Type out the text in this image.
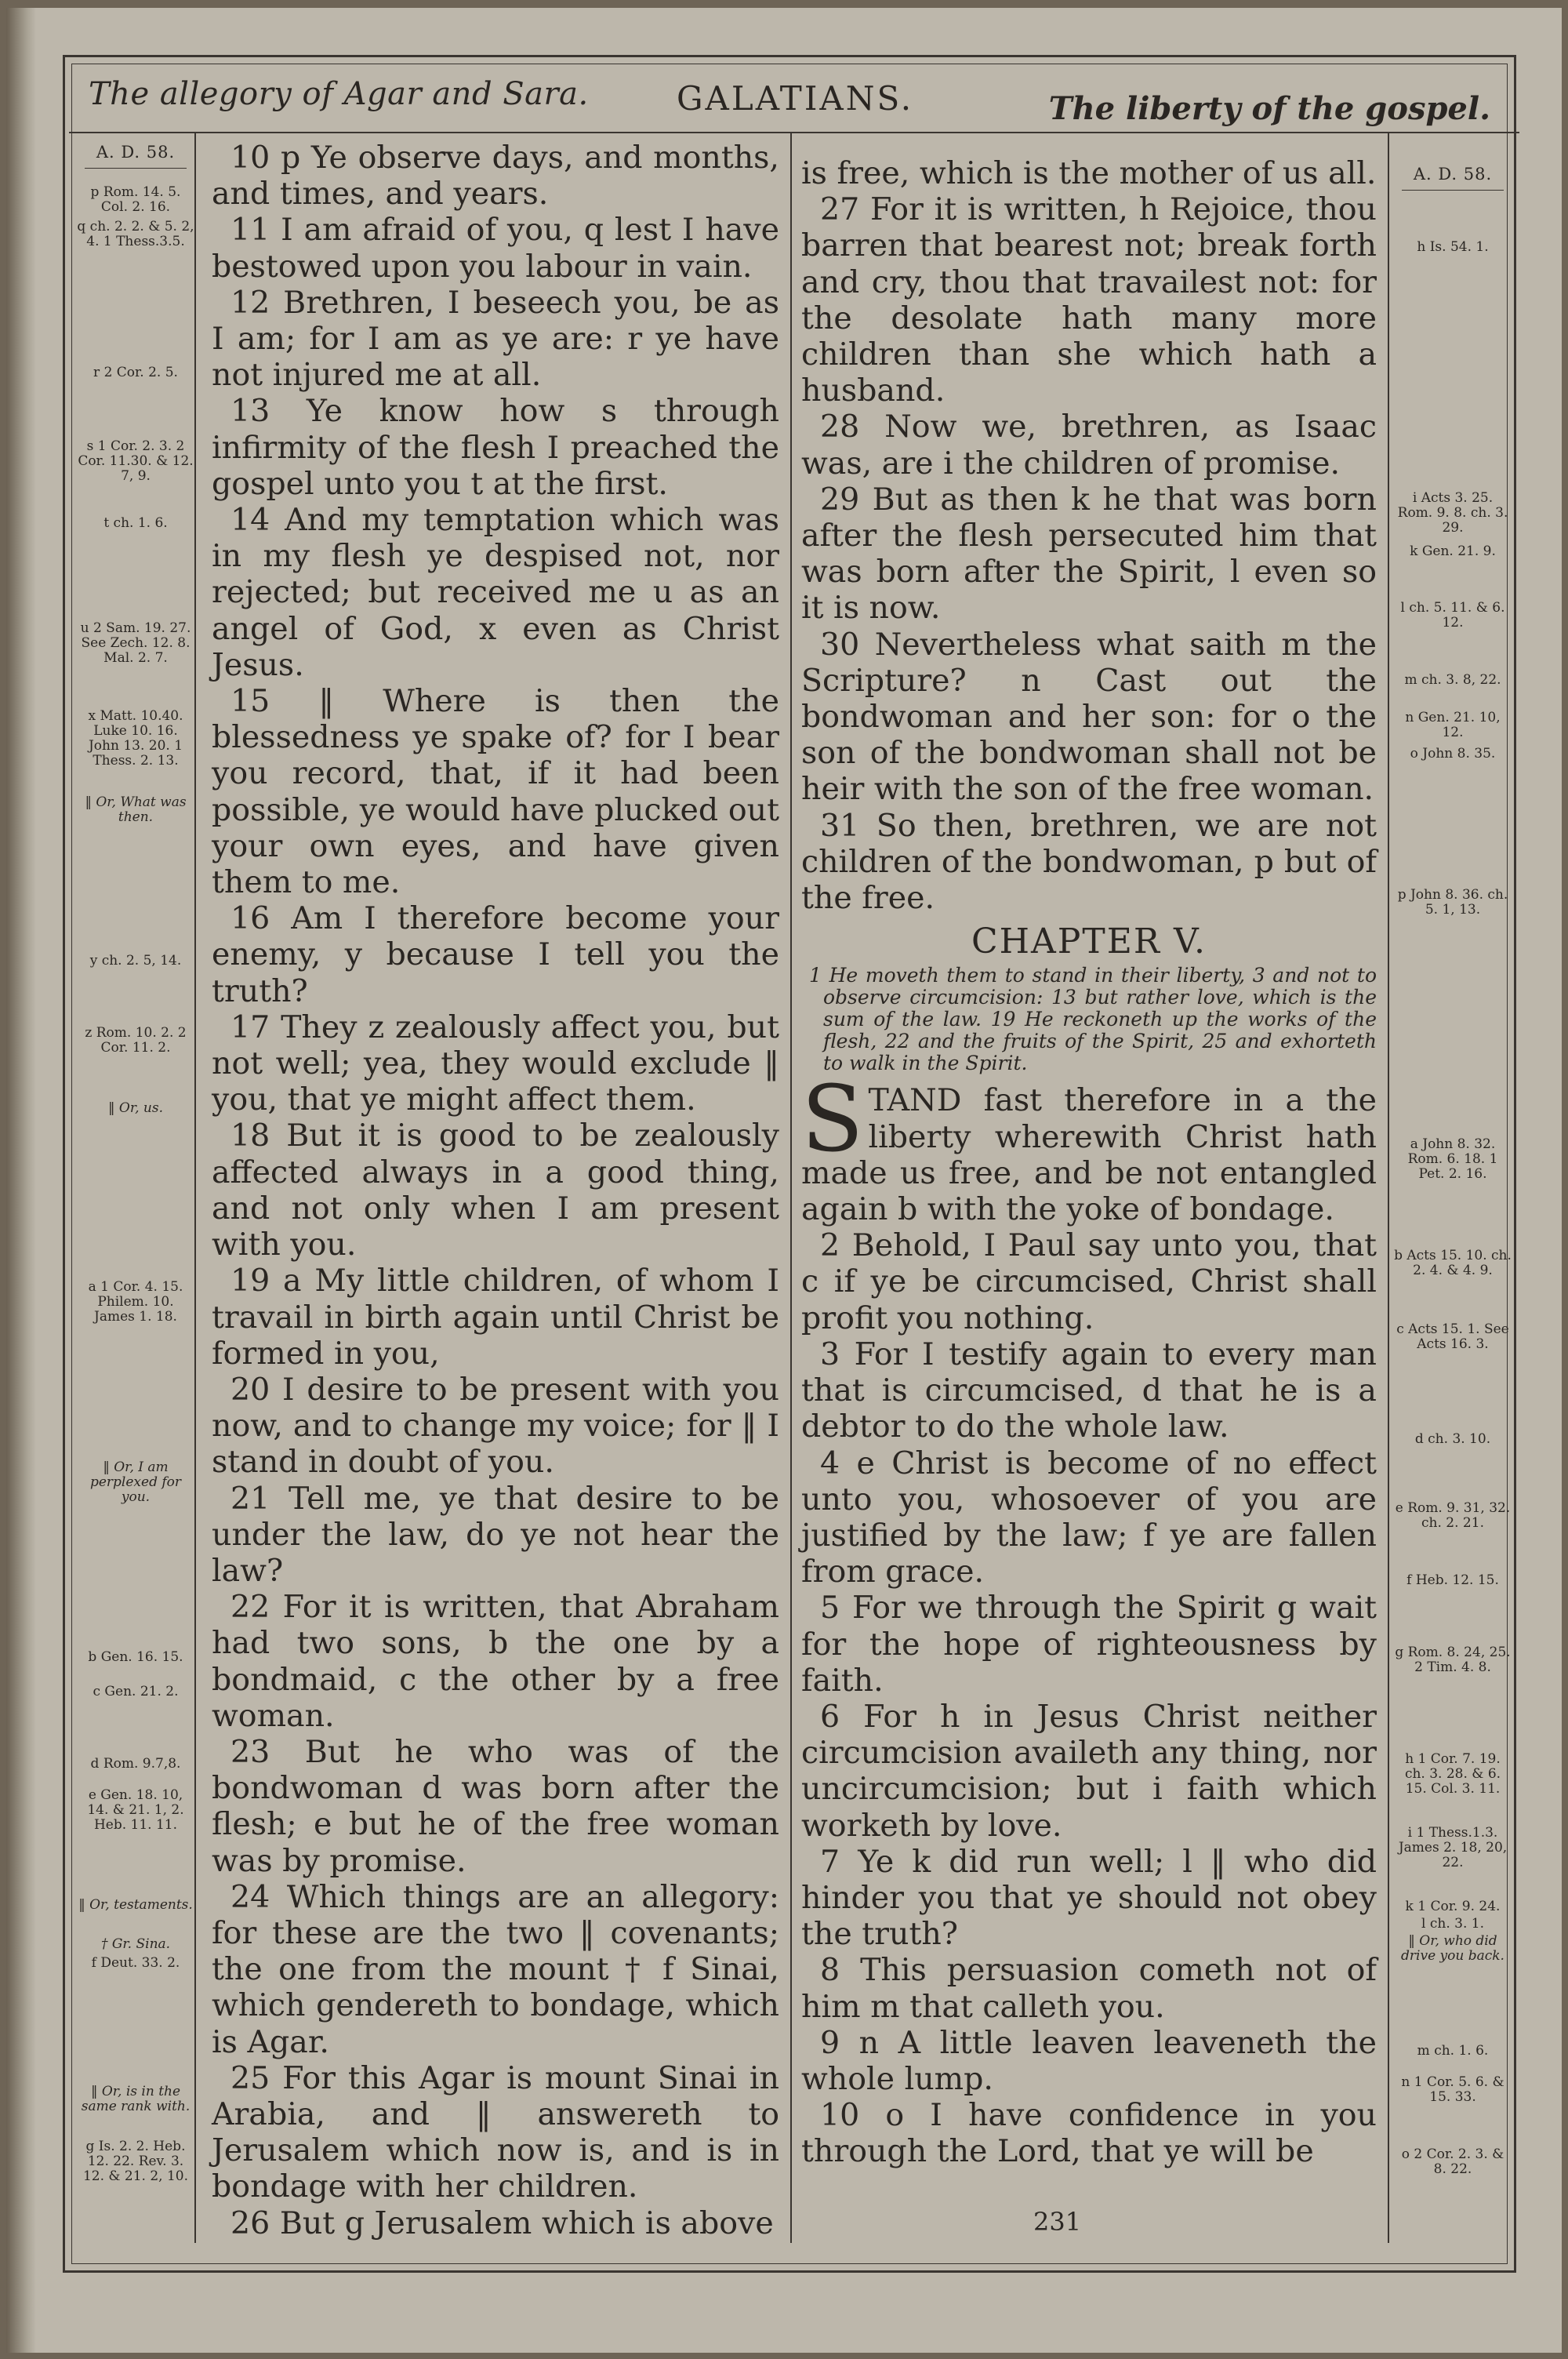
The allegory of Agar and Sara.	GALATIANS.	The liberty of the gospel.
A. D. 58.
A. D. 58.
p Rom. 14. 5. Col. 2. 16.
q ch. 2. 2. & 5. 2, 4. 1 Thess.3.5.
r 2 Cor. 2. 5.
s 1 Cor. 2. 3. 2 Cor. 11.30. & 12. 7, 9.
t ch. 1. 6.
u 2 Sam. 19. 27. See Zech. 12. 8. Mal. 2. 7.
x Matt. 10.40. Luke 10. 16. John 13. 20. 1 Thess. 2. 13.
‖ Or, What was then.
y ch. 2. 5, 14.
z Rom. 10. 2. 2 Cor. 11. 2.
‖ Or, us.
a 1 Cor. 4. 15. Philem. 10. James 1. 18.
‖ Or, I am perplexed for you.
b Gen. 16. 15.
c Gen. 21. 2.
d Rom. 9.7,8.
e Gen. 18. 10, 14. & 21. 1, 2. Heb. 11. 11.
‖ Or, testaments.
† Gr. Sina.
f Deut. 33. 2.
‖ Or, is in the same rank with.
g Is. 2. 2. Heb. 12. 22. Rev. 3. 12. & 21. 2, 10.
h Is. 54. 1.
i Acts 3. 25. Rom. 9. 8. ch. 3. 29.
k Gen. 21. 9.
l ch. 5. 11. & 6. 12.
m ch. 3. 8, 22.
n Gen. 21. 10, 12.
o John 8. 35.
p John 8. 36. ch. 5. 1, 13.
a John 8. 32. Rom. 6. 18. 1 Pet. 2. 16.
b Acts 15. 10. ch. 2. 4. & 4. 9.
c Acts 15. 1. See Acts 16. 3.
d ch. 3. 10.
e Rom. 9. 31, 32. ch. 2. 21.
f Heb. 12. 15.
g Rom. 8. 24, 25. 2 Tim. 4. 8.
h 1 Cor. 7. 19. ch. 3. 28. & 6. 15. Col. 3. 11.
i 1 Thess.1.3. James 2. 18, 20, 22.
k 1 Cor. 9. 24.
l ch. 3. 1.
‖ Or, who did drive you back.
m ch. 1. 6.
n 1 Cor. 5. 6. & 15. 33.
o 2 Cor. 2. 3. & 8. 22.

10 p Ye observe days, and months, and times, and years.

11 I am afraid of you, q lest I have bestowed upon you labour in vain.

12 Brethren, I beseech you, be as I am; for I am as ye are: r ye have not injured me at all.

13 Ye know how s through infirmity of the flesh I preached the gospel unto you t at the first.

14 And my temptation which was in my flesh ye despised not, nor rejected; but received me u as an angel of God, x even as Christ Jesus.

15 ‖ Where is then the blessedness ye spake of? for I bear you record, that, if it had been possible, ye would have plucked out your own eyes, and have given them to me.

16 Am I therefore become your enemy, y because I tell you the truth?

17 They z zealously affect you, but not well; yea, they would exclude ‖ you, that ye might affect them.

18 But it is good to be zealously affected always in a good thing, and not only when I am present with you.

19 a My little children, of whom I travail in birth again until Christ be formed in you,

20 I desire to be present with you now, and to change my voice; for ‖ I stand in doubt of you.

21 Tell me, ye that desire to be under the law, do ye not hear the law?

22 For it is written, that Abraham had two sons, b the one by a bondmaid, c the other by a free woman.

23 But he who was of the bondwoman d was born after the flesh; e but he of the free woman was by promise.

24 Which things are an allegory: for these are the two ‖ covenants; the one from the mount † f Sinai, which gendereth to bondage, which is Agar.

25 For this Agar is mount Sinai in Arabia, and ‖ answereth to Jerusalem which now is, and is in bondage with her children.

26 But g Jerusalem which is above

is free, which is the mother of us all.

27 For it is written, h Rejoice, thou barren that bearest not; break forth and cry, thou that travailest not: for the desolate hath many more children than she which hath a husband.

28 Now we, brethren, as Isaac was, are i the children of promise.

29 But as then k he that was born after the flesh persecuted him that was born after the Spirit, l even so it is now.

30 Nevertheless what saith m the Scripture? n Cast out the bondwoman and her son: for o the son of the bondwoman shall not be heir with the son of the free woman.

31 So then, brethren, we are not children of the bondwoman, p but of the free.

CHAPTER V.
1 He moveth them to stand in their liberty, 3 and not to observe circumcision: 13 but rather love, which is the sum of the law. 19 He reckoneth up the works of the flesh, 22 and the fruits of the Spirit, 25 and exhorteth to walk in the Spirit.

STAND fast therefore in a the liberty wherewith Christ hath made us free, and be not entangled again b with the yoke of bondage.

2 Behold, I Paul say unto you, that c if ye be circumcised, Christ shall profit you nothing.

3 For I testify again to every man that is circumcised, d that he is a debtor to do the whole law.

4 e Christ is become of no effect unto you, whosoever of you are justified by the law; f ye are fallen from grace.

5 For we through the Spirit g wait for the hope of righteousness by faith.

6 For h in Jesus Christ neither circumcision availeth any thing, nor uncircumcision; but i faith which worketh by love.

7 Ye k did run well; l ‖ who did hinder you that ye should not obey the truth?

8 This persuasion cometh not of him m that calleth you.

9 n A little leaven leaveneth the whole lump.

10 o I have confidence in you through the Lord, that ye will be

231
